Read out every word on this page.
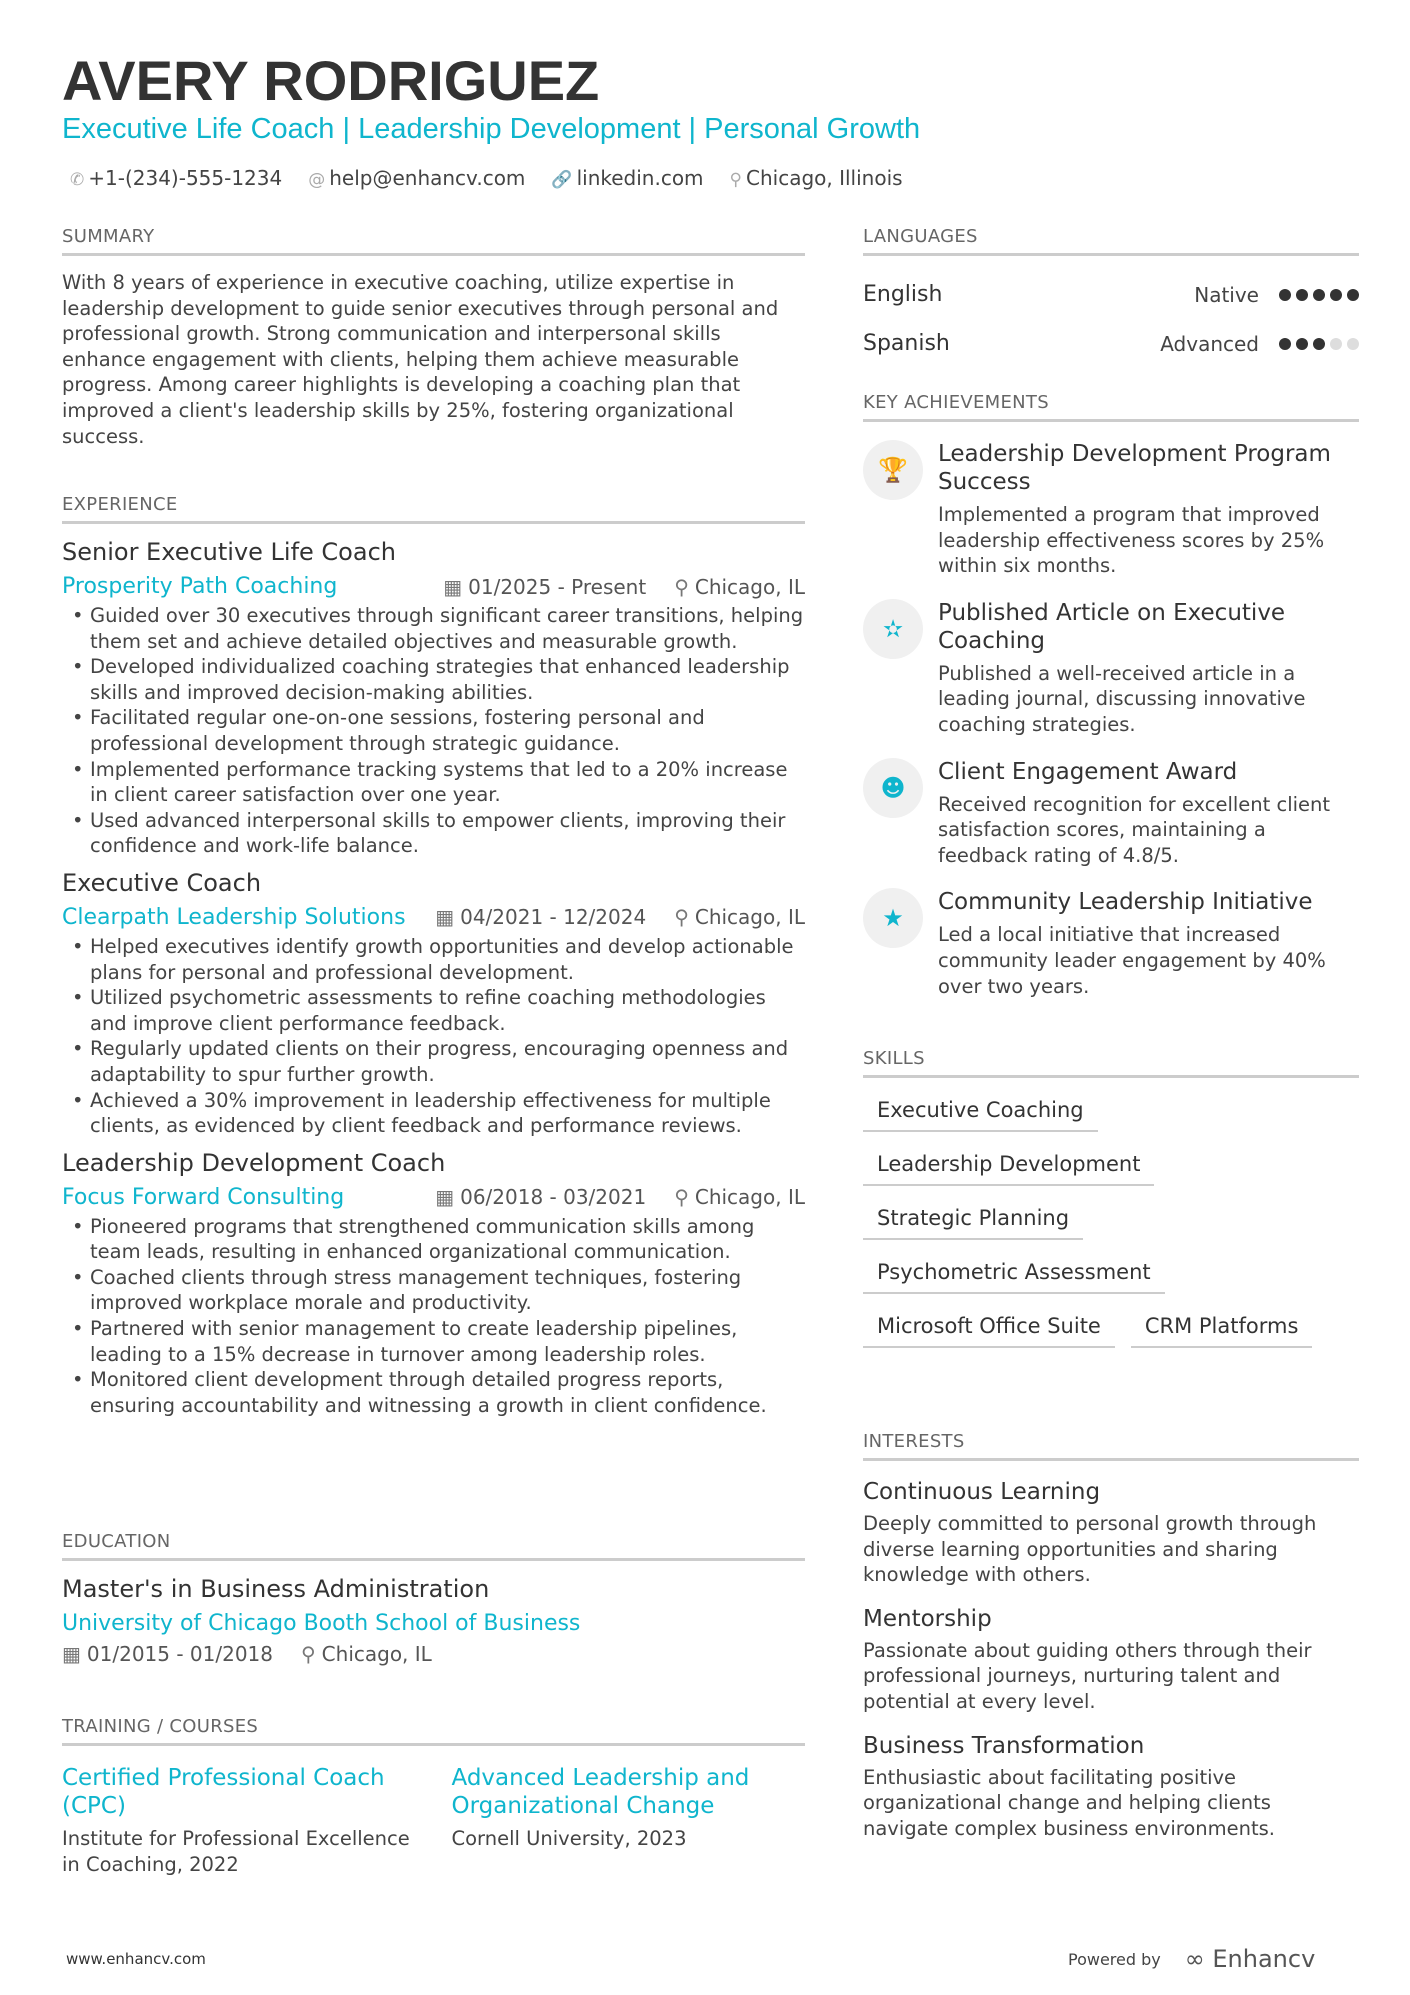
AVERY RODRIGUEZ
Executive Life Coach | Leadership Development | Personal Growth
✆ +1-(234)-555-1234 @ help@enhancv.com 🔗 linkedin.com ⚲ Chicago, Illinois
SUMMARY
With 8 years of experience in executive coaching, utilize expertise in leadership development to guide senior executives through personal and professional growth. Strong communication and interpersonal skills enhance engagement with clients, helping them achieve measurable progress. Among career highlights is developing a coaching plan that improved a client's leadership skills by 25%, fostering organizational success.
EXPERIENCE
Senior Executive Life Coach
Prosperity Path Coaching	▦ 01/2025 - Present ⚲ Chicago, IL
• Guided over 30 executives through significant career transitions, helping them set and achieve detailed objectives and measurable growth.
• Developed individualized coaching strategies that enhanced leadership skills and improved decision-making abilities.
• Facilitated regular one-on-one sessions, fostering personal and professional development through strategic guidance.
• Implemented performance tracking systems that led to a 20% increase in client career satisfaction over one year.
• Used advanced interpersonal skills to empower clients, improving their confidence and work-life balance.
Executive Coach
Clearpath Leadership Solutions ▦ 04/2021 - 12/2024 ⚲ Chicago, IL
• Helped executives identify growth opportunities and develop actionable plans for personal and professional development.
• Utilized psychometric assessments to refine coaching methodologies and improve client performance feedback.
• Regularly updated clients on their progress, encouraging openness and adaptability to spur further growth.
• Achieved a 30% improvement in leadership effectiveness for multiple clients, as evidenced by client feedback and performance reviews.
Leadership Development Coach
Focus Forward Consulting	▦ 06/2018 - 03/2021 ⚲ Chicago, IL
• Pioneered programs that strengthened communication skills among team leads, resulting in enhanced organizational communication.
• Coached clients through stress management techniques, fostering improved workplace morale and productivity.
• Partnered with senior management to create leadership pipelines, leading to a 15% decrease in turnover among leadership roles.
• Monitored client development through detailed progress reports, ensuring accountability and witnessing a growth in client confidence.
EDUCATION
Master's in Business Administration
University of Chicago Booth School of Business
▦ 01/2015 - 01/2018 ⚲ Chicago, IL
TRAINING / COURSES
Certified Professional Coach (CPC)
Institute for Professional Excellence in Coaching, 2022
Advanced Leadership and Organizational Change
Cornell University, 2023
LANGUAGES
English	Native
Spanish	Advanced
KEY ACHIEVEMENTS
🏆
Leadership Development Program Success
Implemented a program that improved leadership effectiveness scores by 25% within six months.
✫
Published Article on Executive Coaching
Published a well-received article in a leading journal, discussing innovative coaching strategies.
☻
Client Engagement Award
Received recognition for excellent client satisfaction scores, maintaining a feedback rating of 4.8/5.
★
Community Leadership Initiative
Led a local initiative that increased community leader engagement by 40% over two years.
SKILLS
Executive Coaching
Leadership Development
Strategic Planning
Psychometric Assessment
Microsoft Office Suite	CRM Platforms
INTERESTS
Continuous Learning
Deeply committed to personal growth through diverse learning opportunities and sharing knowledge with others.
Mentorship
Passionate about guiding others through their professional journeys, nurturing talent and potential at every level.
Business Transformation
Enthusiastic about facilitating positive organizational change and helping clients navigate complex business environments.
www.enhancv.com	Powered by ∞ Enhancv
